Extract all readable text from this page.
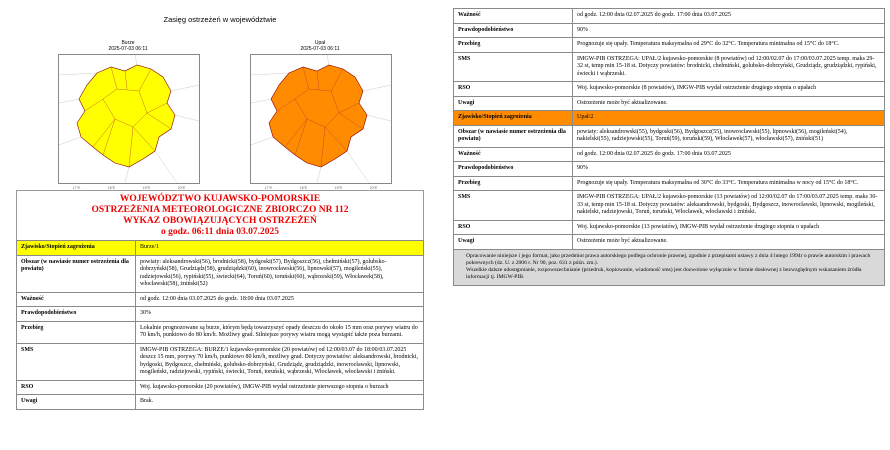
Zasięg ostrzeżeń w województwie
Burze
2025-07-03 06:11
17°E	18°E	19°E	20°E
Upał
2025-07-03 06:11
17°E	18°E	19°E	20°E
WOJEWÓDZTWO KUJAWSKO-POMORSKIE
OSTRZEŻENIA METEOROLOGICZNE ZBIORCZO NR 112
WYKAZ OBOWIĄZUJĄCYCH OSTRZEŻEŃ
o godz. 06:11 dnia 03.07.2025
Zjawisko/Stopień zagrożenia	Burze/1
Obszar (w nawiasie numer ostrzeżenia dla powiatu)	powiaty: aleksandrowski(56), brodnicki(58), bydgoski(57), Bydgoszcz(56), chełmiński(57), golubsko-dobrzyński(58), Grudziądz(58), grudziądzki(60), inowrocławski(56), lipnowski(57), mogileński(55), radziejowski(56), rypiński(55), świecki(64), Toruń(60), toruński(60), wąbrzeski(59), Włocławek(58), włocławski(58), żniński(52)
Ważność	od godz. 12:00 dnia 03.07.2025 do godz. 18:00 dnia 03.07.2025
Prawdopodobieństwo	30%
Przebieg	Lokalnie prognozowane są burze, którym będą towarzyszyć opady deszczu do około 15 mm oraz porywy wiatru do 70 km/h, punktowo do 80 km/h. Możliwy grad. Silniejsze porywy wiatru mogą wystąpić także poza burzami.
SMS	IMGW-PIB OSTRZEGA: BURZE/1 kujawsko-pomorskie (20 powiatów) od 12:00/03.07 do 18:00/03.07.2025 deszcz 15 mm, porywy 70 km/h, punktowo 80 km/h, możliwy grad. Dotyczy powiatów: aleksandrowski, brodnicki, bydgoski, Bydgoszcz, chełmiński, golubsko-dobrzyński, Grudziądz, grudziądzki, inowrocławski, lipnowski, mogileński, radziejowski, rypiński, świecki, Toruń, toruński, wąbrzeski, Włocławek, włocławski i żniński.
RSO	Woj. kujawsko-pomorskie (20 powiatów), IMGW-PIB wydał ostrzeżenie pierwszego stopnia o burzach
Uwagi	Brak.
Ważność	od godz. 12:00 dnia 02.07.2025 do godz. 17:00 dnia 03.07.2025
Prawdopodobieństwo	90%
Przebieg	Prognozuje się upały. Temperatura maksymalna od 29°C do 32°C. Temperatura minimalna od 15°C do 18°C.
SMS	IMGW-PIB OSTRZEGA: UPAŁ/2 kujawsko-pomorskie (8 powiatów) od 12:00/02.07 do 17:00/03.07.2025 temp. maks 29-32 st, temp min 15-18 st. Dotyczy powiatów: brodnicki, chełmiński, golubsko-dobrzyński, Grudziądz, grudziądzki, rypiński, świecki i wąbrzeski.
RSO	Woj. kujawsko-pomorskie (8 powiatów), IMGW-PIB wydał ostrzeżenie drugiego stopnia o upałach
Uwagi	Ostrzeżenie może być aktualizowane.
Zjawisko/Stopień zagrożenia	Upał/2
Obszar (w nawiasie numer ostrzeżenia dla powiatu)	powiaty: aleksandrowski(55), bydgoski(56), Bydgoszcz(55), inowrocławski(55), lipnowski(56), mogileński(54), nakielski(55), radziejowski(55), Toruń(59), toruński(59), Włocławek(57), włocławski(57), żniński(51)
Ważność	od godz. 12:00 dnia 02.07.2025 do godz. 17:00 dnia 03.07.2025
Prawdopodobieństwo	90%
Przebieg	Prognozuje się upały. Temperatura maksymalna od 30°C do 33°C. Temperatura minimalna w nocy od 15°C do 18°C.
SMS	IMGW-PIB OSTRZEGA: UPAŁ/2 kujawsko-pomorskie (13 powiatów) od 12:00/02.07 do 17:00/03.07.2025 temp. maks 30-33 st, temp min 15-18 st. Dotyczy powiatów: aleksandrowski, bydgoski, Bydgoszcz, inowrocławski, lipnowski, mogileński, nakielski, radziejowski, Toruń, toruński, Włocławek, włocławski i żniński.
RSO	Woj. kujawsko-pomorskie (13 powiatów), IMGW-PIB wydał ostrzeżenie drugiego stopnia o upałach
Uwagi	Ostrzeżenie może być aktualizowane.

Opracowanie niniejsze i jego format, jako przedmiot prawa autorskiego podlega ochronie prawnej, zgodnie z przepisami ustawy z dnia 4 lutego 1994r o prawie autorskim i prawach pokrewnych (dz. U. z 2006 r. Nr 90, poz. 631 z późn. zm.).

Wszelkie dalsze udostępnianie, rozpowszechnianie (przedruk, kopiowanie, wiadomość sms) jest dozwolone wyłącznie w formie dosłownej z bezwzględnym wskazaniem źródła informacji tj. IMGW-PIB.
